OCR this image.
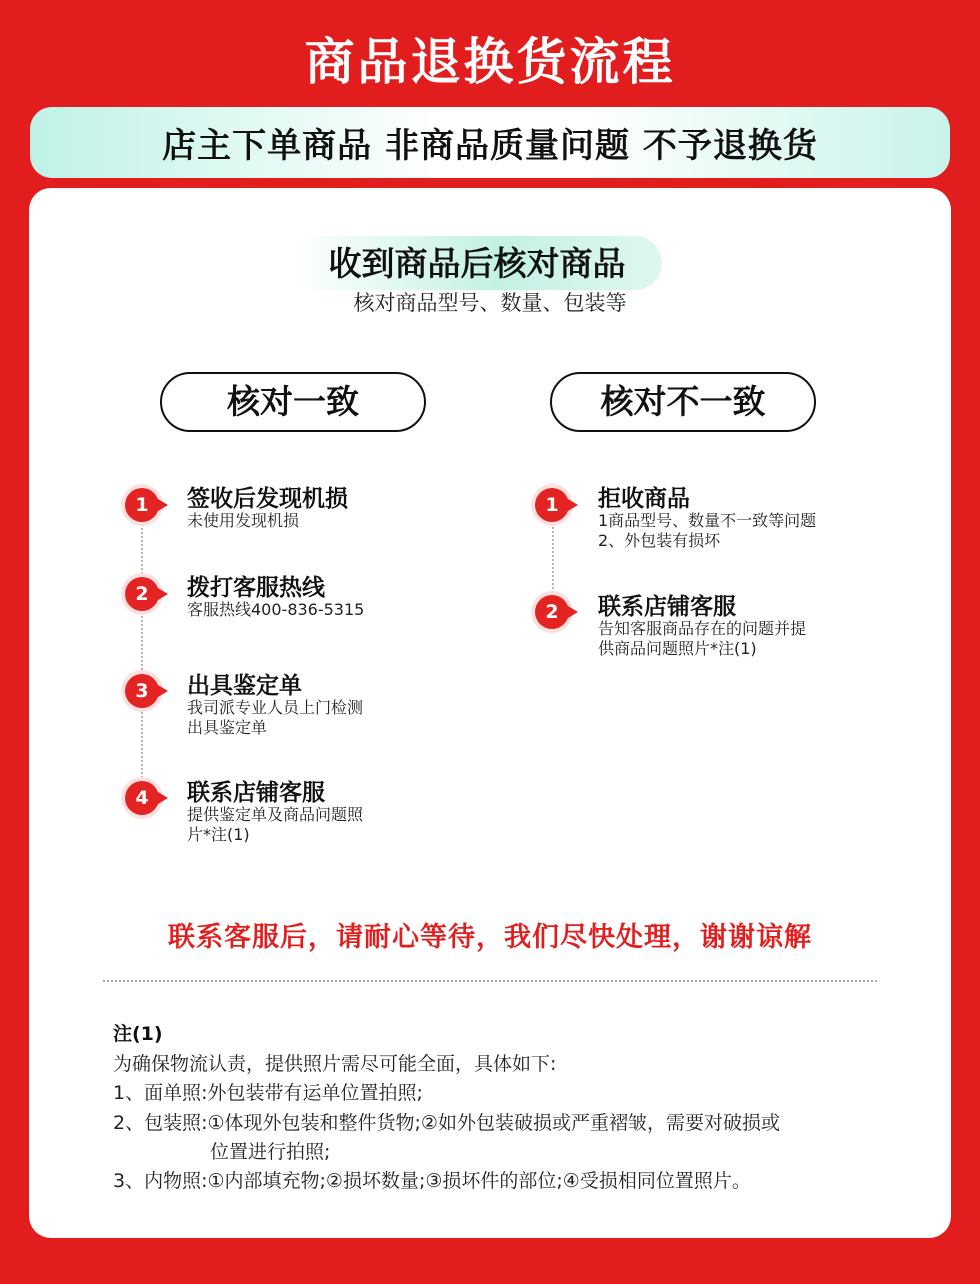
商品退换货流程
店主下单商品 非商品质量问题 不予退换货
收到商品后核对商品
核对商品型号、数量、包装等
核对一致	核对不一致
1	签收后发现机损
未使用发现机损
2	拨打客服热线
客服热线400-836-5315
3	出具鉴定单
我司派专业人员上门检测
出具鉴定单
4	联系店铺客服
提供鉴定单及商品问题照
片*注(1)
1	拒收商品
1商品型号、数量不一致等问题
2、外包装有损坏
2	联系店铺客服
告知客服商品存在的问题并提
供商品问题照片*注(1)
联系客服后，请耐心等待，我们尽快处理，谢谢谅解
注(1)
为确保物流认责，提供照片需尽可能全面，具体如下:
1、面单照:外包装带有运单位置拍照;
2、包装照:①体现外包装和整件货物;②如外包装破损或严重褶皱，需要对破损或
位置进行拍照;
3、内物照:①内部填充物;②损坏数量;③损坏件的部位;④受损相同位置照片。
